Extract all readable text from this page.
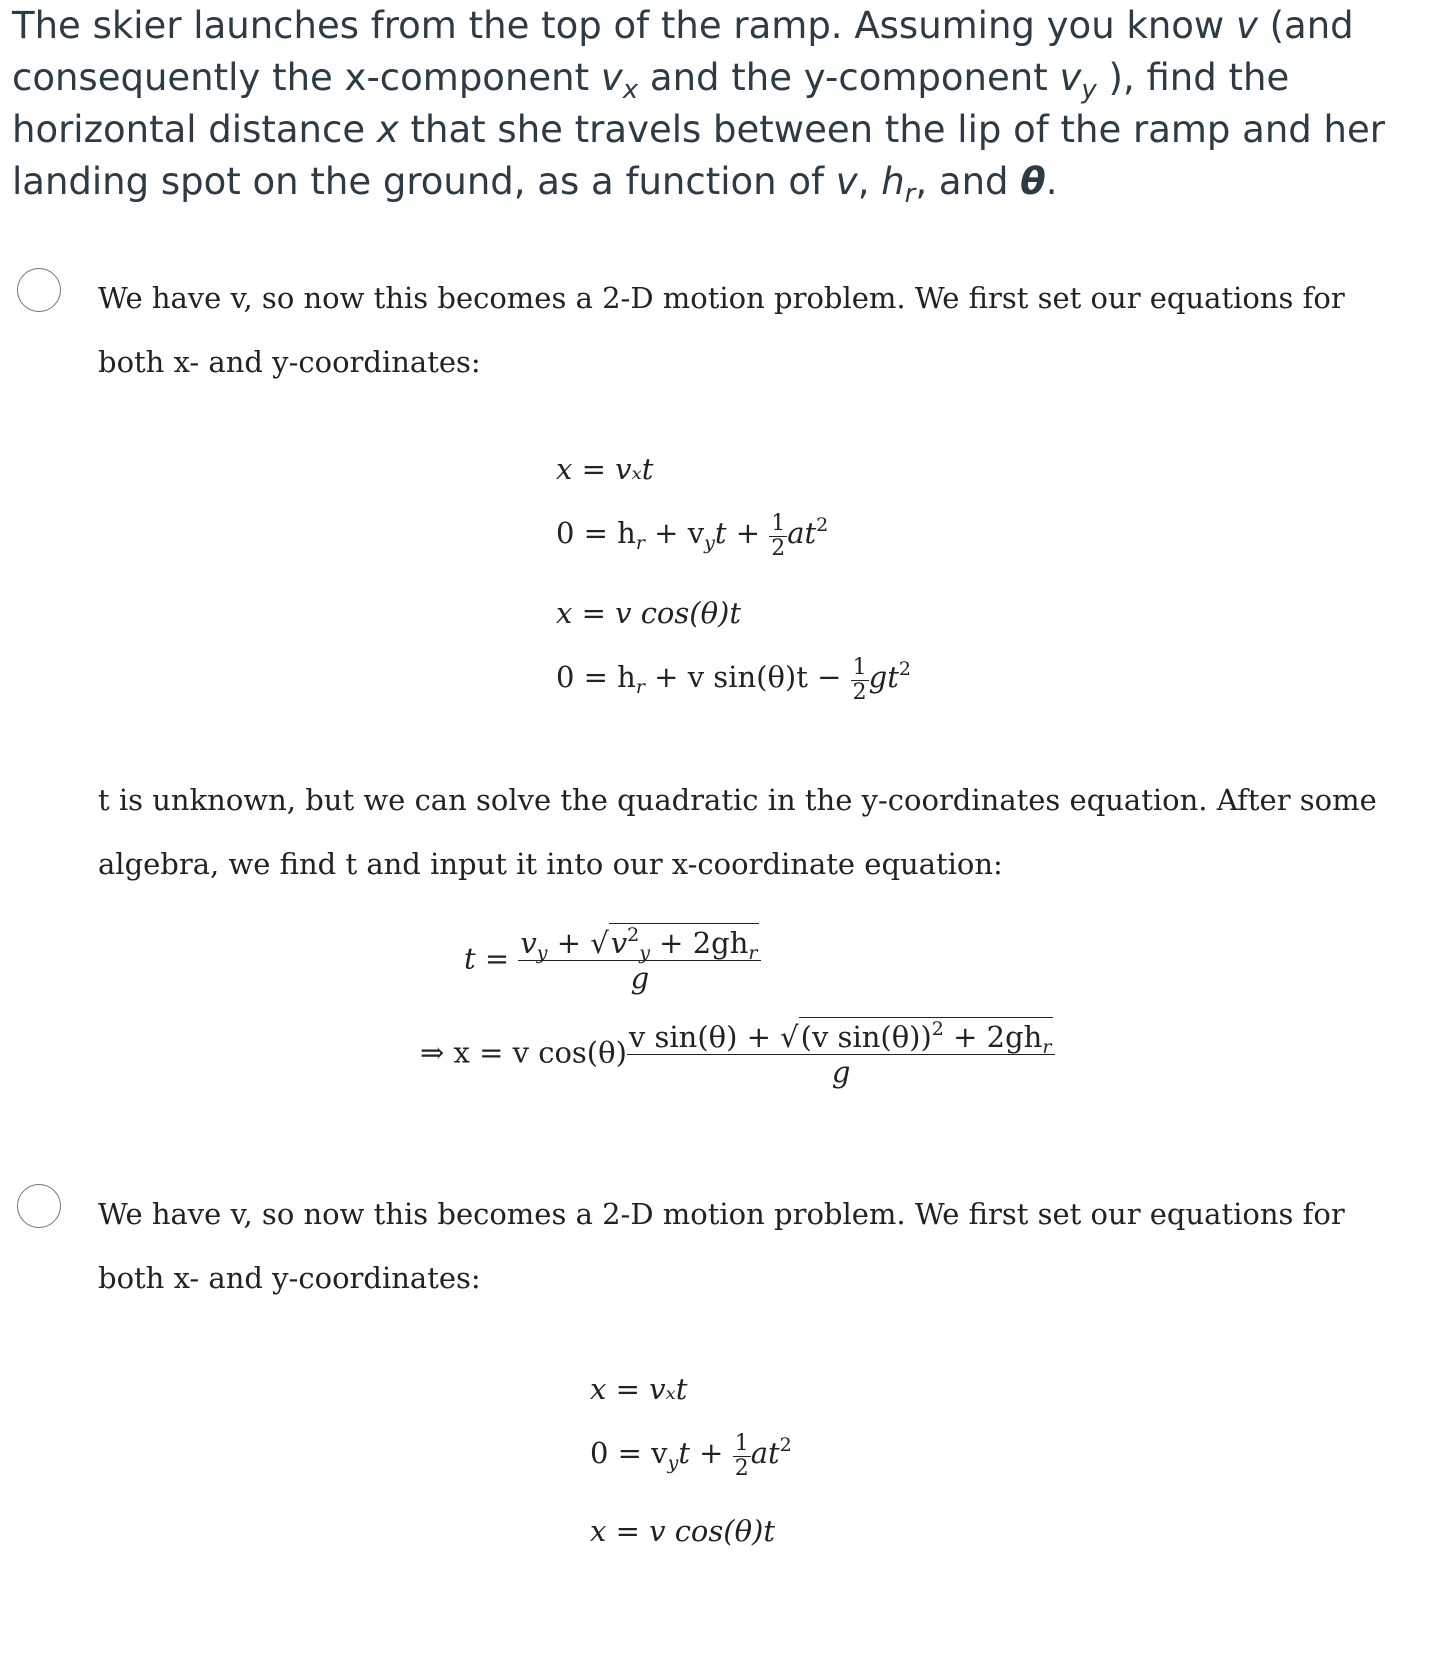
The skier launches from the top of the ramp. Assuming you know v (and consequently the x-component $v_x$ and the y-component $v_y$ ), find the horizontal distance x that she travels between the lip of the ramp and her landing spot on the ground, as a function of v, $h_r$, and θ.
We have v, so now this becomes a 2-D motion problem. We first set our equations for both x- and y-coordinates:
x = vₓt
$0 = h_r + v_yt + \frac{1}{2} at^2$
x = v cos(θ)t
$0 = h_r + v$ $\sin(\theta)t - \frac{1}{2} gt^2$
t is unknown, but we can solve the quadratic in the y-coordinates equation. After some algebra, we find t and input it into our x-coordinate equation:
$t = \frac{v_y + √v^2_y + 2gh_r}{g}$
⇒ x = v $\cos(\theta) \frac{v \sin(\theta) + √(v \sin(\theta))^2 + 2gh_r}{g}$
We have v, so now this becomes a 2-D motion problem. We first set our equations for both x- and y-coordinates:
x = vₓt
$0 = v_yt + \frac{1}{2} at^2$
x = v cos(θ)t
